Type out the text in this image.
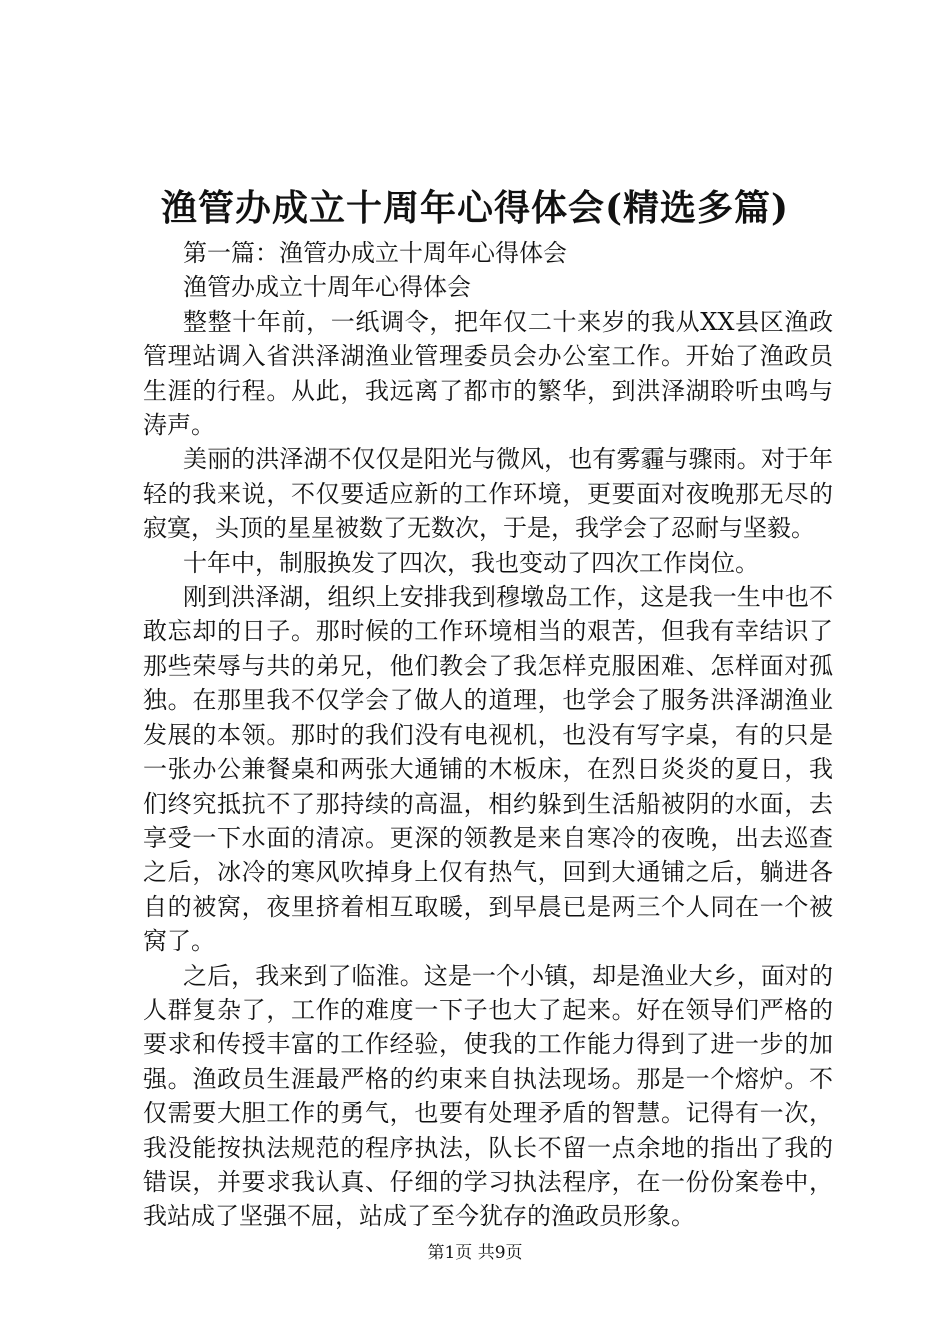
渔管办成立十周年心得体会(精选多篇)

第一篇：渔管办成立十周年心得体会

渔管办成立十周年心得体会

整整十年前，一纸调令，把年仅二十来岁的我从XX县区渔政管理站调入省洪泽湖渔业管理委员会办公室工作。开始了渔政员生涯的行程。从此，我远离了都市的繁华，到洪泽湖聆听虫鸣与涛声。

美丽的洪泽湖不仅仅是阳光与微风，也有雾霾与骤雨。对于年轻的我来说，不仅要适应新的工作环境，更要面对夜晚那无尽的寂寞，头顶的星星被数了无数次，于是，我学会了忍耐与坚毅。

十年中，制服换发了四次，我也变动了四次工作岗位。

刚到洪泽湖，组织上安排我到穆墩岛工作，这是我一生中也不敢忘却的日子。那时候的工作环境相当的艰苦，但我有幸结识了那些荣辱与共的弟兄，他们教会了我怎样克服困难、怎样面对孤独。在那里我不仅学会了做人的道理，也学会了服务洪泽湖渔业发展的本领。那时的我们没有电视机，也没有写字桌，有的只是一张办公兼餐桌和两张大通铺的木板床，在烈日炎炎的夏日，我们终究抵抗不了那持续的高温，相约躲到生活船被阴的水面，去享受一下水面的清凉。更深的领教是来自寒冷的夜晚，出去巡查之后，冰冷的寒风吹掉身上仅有热气，回到大通铺之后，躺进各自的被窝，夜里挤着相互取暖，到早晨已是两三个人同在一个被窝了。

之后，我来到了临淮。这是一个小镇，却是渔业大乡，面对的人群复杂了，工作的难度一下子也大了起来。好在领导们严格的要求和传授丰富的工作经验，使我的工作能力得到了进一步的加强。渔政员生涯最严格的约束来自执法现场。那是一个熔炉。不仅需要大胆工作的勇气，也要有处理矛盾的智慧。记得有一次，我没能按执法规范的程序执法，队长不留一点余地的指出了我的错误，并要求我认真、仔细的学习执法程序，在一份份案卷中，我站成了坚强不屈，站成了至今犹存的渔政员形象。

第1页 共9页
